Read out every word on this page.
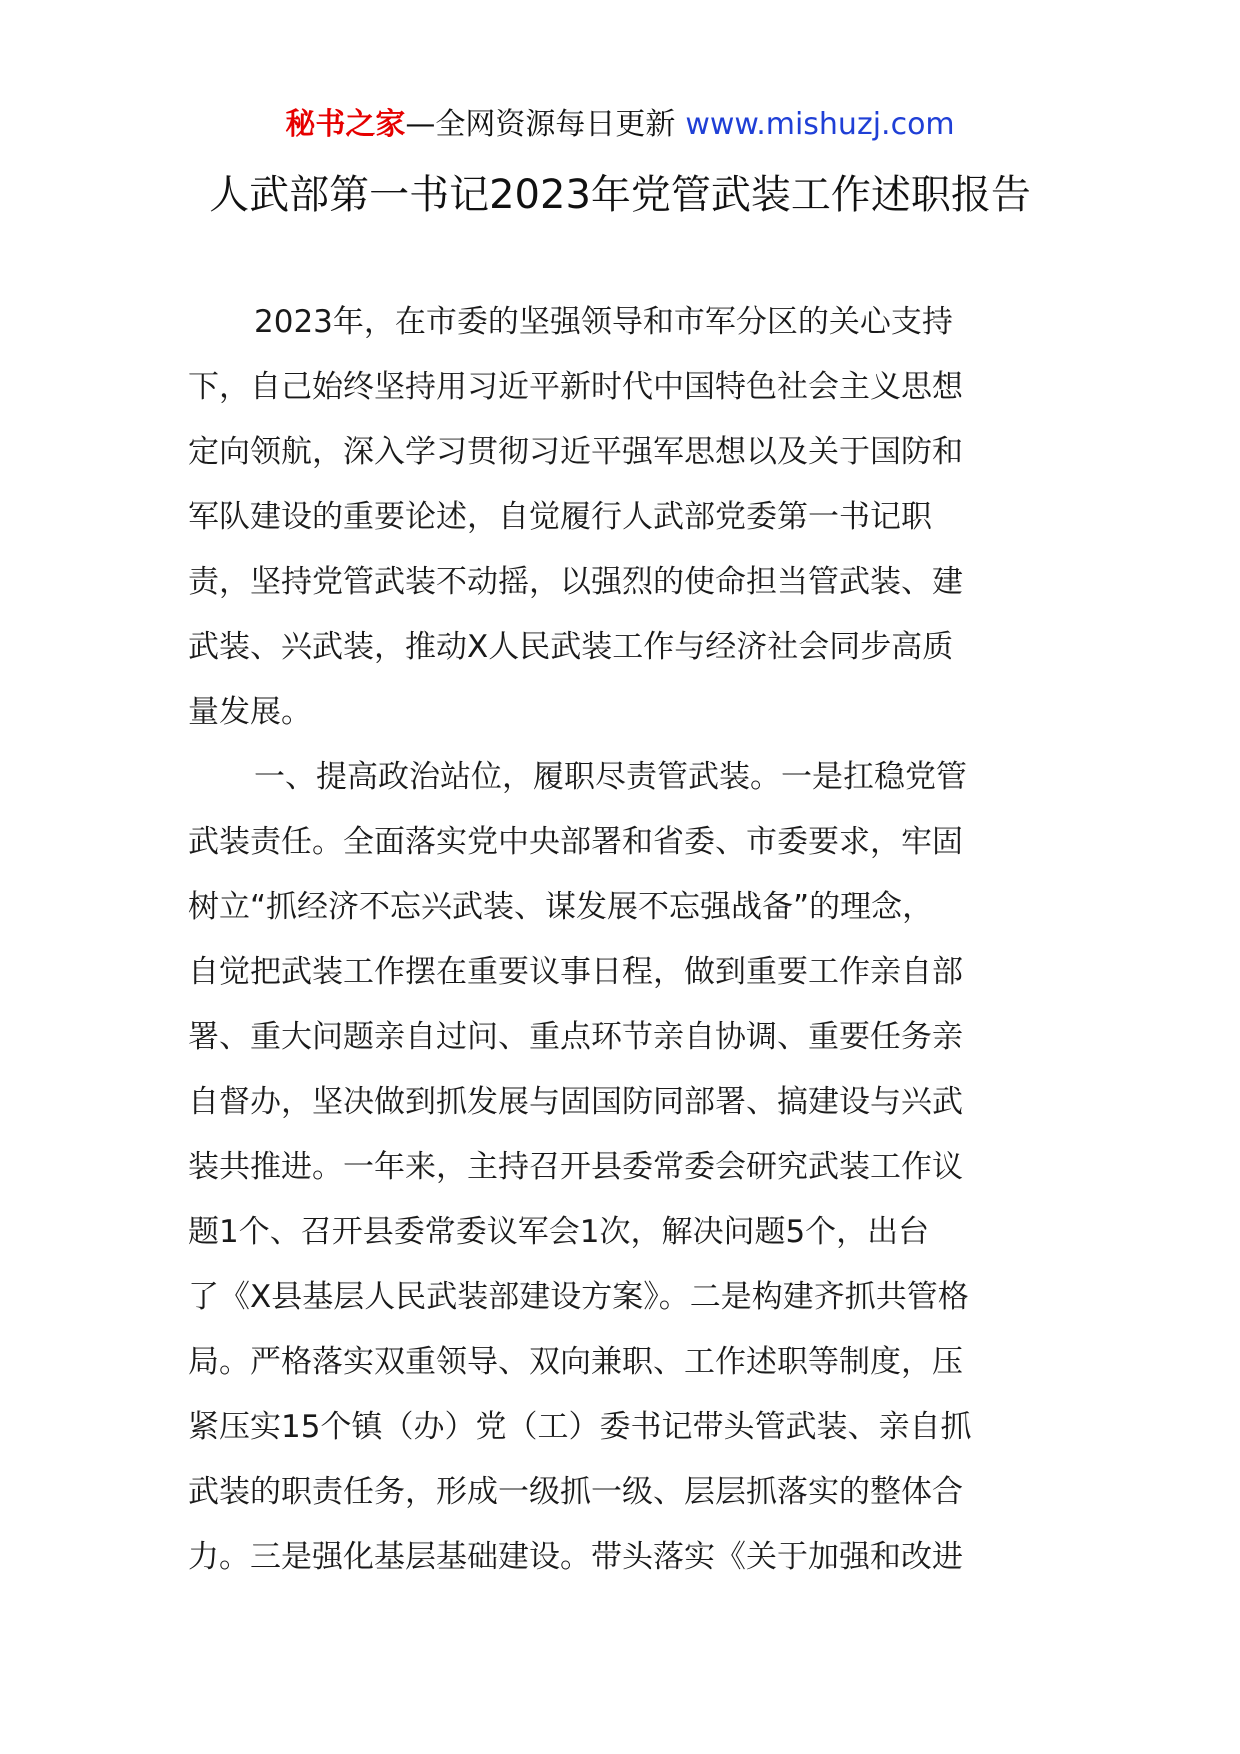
秘书之家—全网资源每日更新 www.mishuzj.com
人武部第一书记2023年党管武装工作述职报告
2023年，在市委的坚强领导和市军分区的关心支持
下，自己始终坚持用习近平新时代中国特色社会主义思想
定向领航，深入学习贯彻习近平强军思想以及关于国防和
军队建设的重要论述，自觉履行人武部党委第一书记职
责，坚持党管武装不动摇，以强烈的使命担当管武装、建
武装、兴武装，推动X人民武装工作与经济社会同步高质
量发展。
一、提高政治站位，履职尽责管武装。一是扛稳党管
武装责任。全面落实党中央部署和省委、市委要求，牢固
树立“抓经济不忘兴武装、谋发展不忘强战备”的理念，
自觉把武装工作摆在重要议事日程，做到重要工作亲自部
署、重大问题亲自过问、重点环节亲自协调、重要任务亲
自督办，坚决做到抓发展与固国防同部署、搞建设与兴武
装共推进。一年来，主持召开县委常委会研究武装工作议
题1个、召开县委常委议军会1次，解决问题5个，出台
了《X县基层人民武装部建设方案》。二是构建齐抓共管格
局。严格落实双重领导、双向兼职、工作述职等制度，压
紧压实15个镇（办）党（工）委书记带头管武装、亲自抓
武装的职责任务，形成一级抓一级、层层抓落实的整体合
力。三是强化基层基础建设。带头落实《关于加强和改进
